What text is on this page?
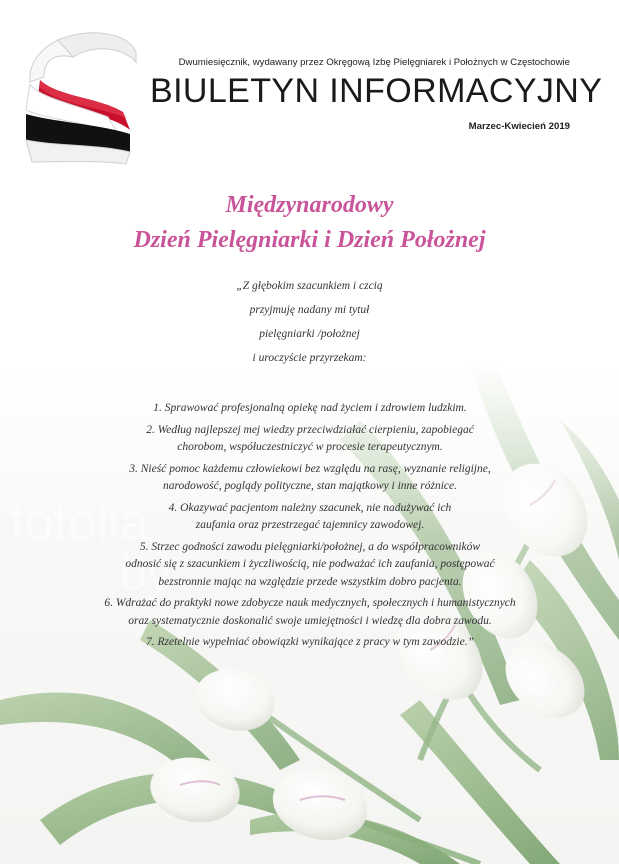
fotolia
by
Dwumiesięcznik, wydawany przez Okręgową Izbę Pielęgniarek i Położnych w Częstochowie
BIULETYN INFORMACYJNY
Marzec-Kwiecień 2019
Międzynarodowy
Dzień Pielęgniarki i Dzień Położnej
„Z głębokim szacunkiem i czcią
przyjmuję nadany mi tytuł
pielęgniarki /położnej
i uroczyście przyrzekam:
1. Sprawować profesjonalną opiekę nad życiem i zdrowiem ludzkim.
2. Według najlepszej mej wiedzy przeciwdziałać cierpieniu, zapobiegać
chorobom, współuczestniczyć w procesie terapeutycznym.
3. Nieść pomoc każdemu człowiekowi bez względu na rasę, wyznanie religijne,
narodowość, poglądy polityczne, stan majątkowy i inne różnice.
4. Okazywać pacjentom należny szacunek, nie nadużywać ich
zaufania oraz przestrzegać tajemnicy zawodowej.
5. Strzec godności zawodu pielęgniarki/położnej, a do współpracowników
odnosić się z szacunkiem i życzliwością, nie podważać ich zaufania, postępować
bezstronnie mając na względzie przede wszystkim dobro pacjenta.
6. Wdrażać do praktyki nowe zdobycze nauk medycznych, społecznych i humanistycznych
oraz systematycznie doskonalić swoje umiejętności i wiedzę dla dobra zawodu.
7. Rzetelnie wypełniać obowiązki wynikające z pracy w tym zawodzie.”
